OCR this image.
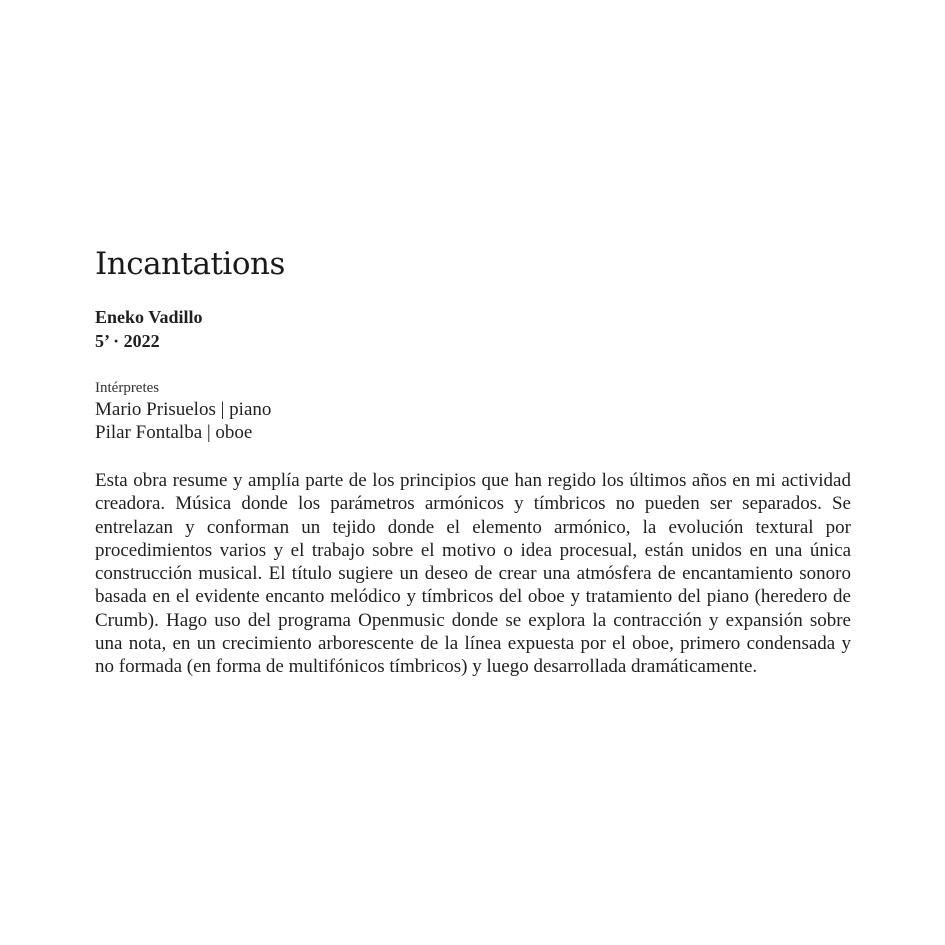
Incantations
Eneko Vadillo
5’ · 2022
Intérpretes
Mario Prisuelos | piano
Pilar Fontalba | oboe

Esta obra resume y amplía parte de los principios que han regido los últimos años en mi actividad creadora. Música donde los parámetros armónicos y tímbricos no pueden ser separados. Se entrelazan y conforman un tejido donde el elemento armónico, la evolución textural por procedimientos varios y el trabajo sobre el motivo o idea procesual, están unidos en una única construcción musical. El título sugiere un deseo de crear una atmósfera de encantamiento sonoro basada en el evidente encanto melódico y tímbricos del oboe y tratamiento del piano (heredero de Crumb). Hago uso del programa Openmusic donde se explora la contracción y expansión sobre una nota, en un crecimiento arborescente de la línea expuesta por el oboe, primero condensada y no formada (en forma de multifónicos tímbricos) y luego desarrollada dramáticamente.
